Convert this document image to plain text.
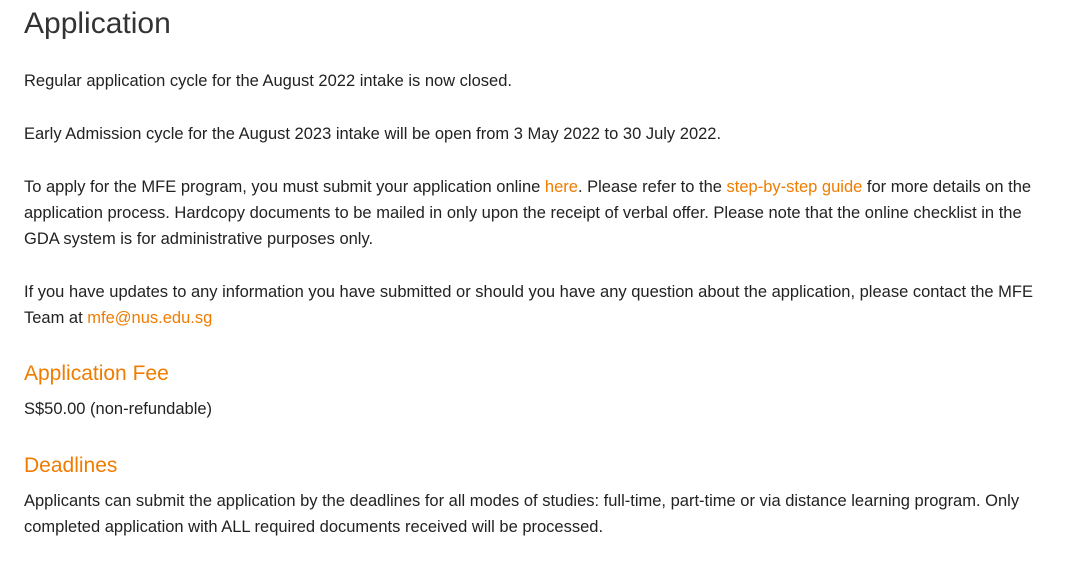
Application

Regular application cycle for the August 2022 intake is now closed.

Early Admission cycle for the August 2023 intake will be open from 3 May 2022 to 30 July 2022.

To apply for the MFE program, you must submit your application online here. Please refer to the step-by-step guide for more details on the application process. Hardcopy documents to be mailed in only upon the receipt of verbal offer. Please note that the online checklist in the GDA system is for administrative purposes only.

If you have updates to any information you have submitted or should you have any question about the application, please contact the MFE Team at mfe@nus.edu.sg

Application Fee

S$50.00 (non-refundable)

Deadlines

Applicants can submit the application by the deadlines for all modes of studies: full-time, part-time or via distance learning program. Only completed application with ALL required documents received will be processed.
